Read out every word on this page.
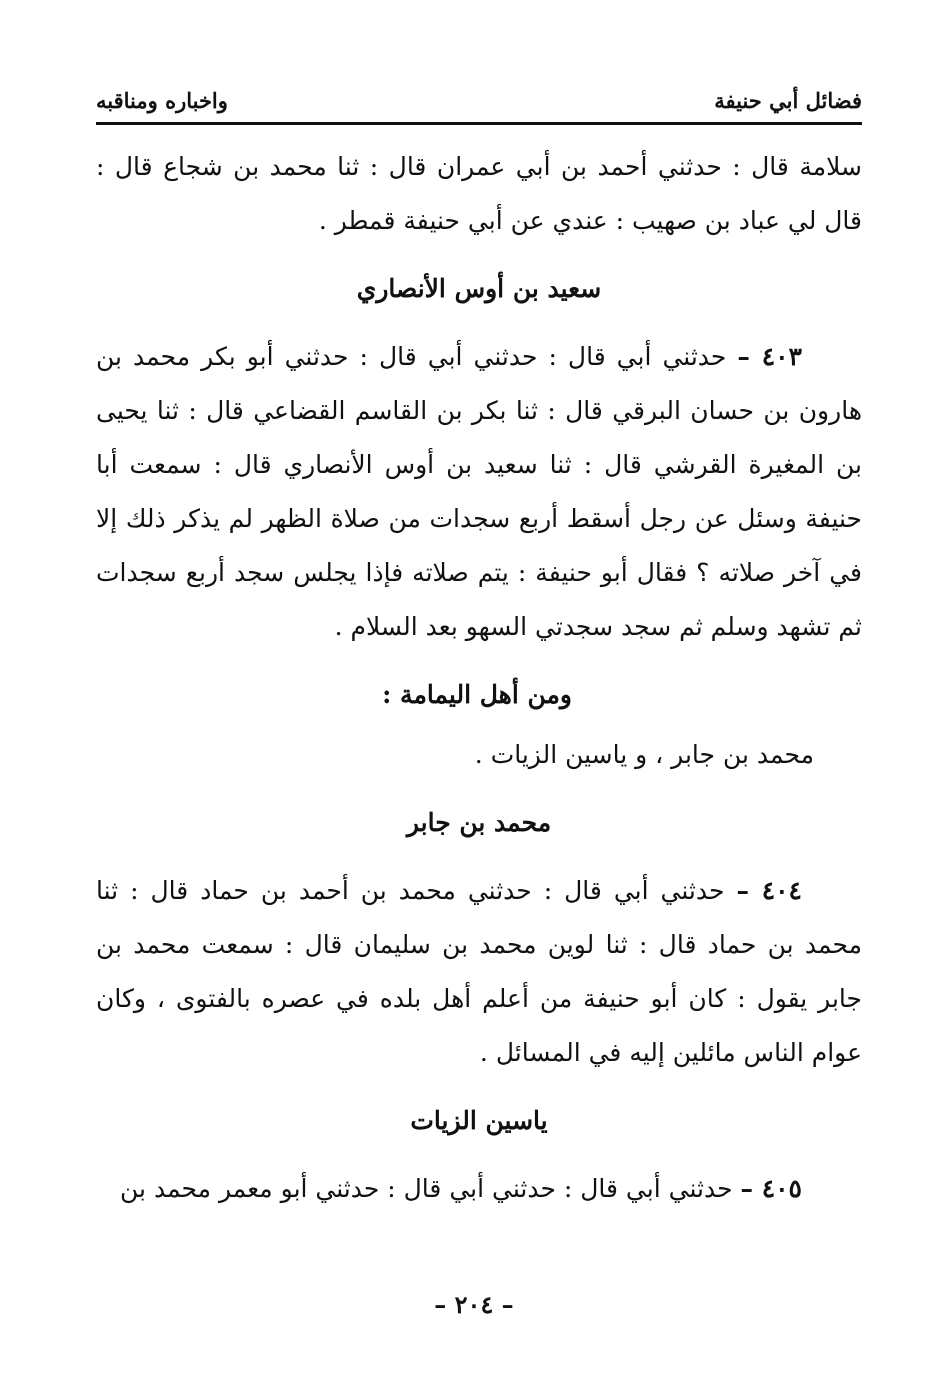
فضائل أبي حنيفة
واخباره ومناقبه

سلامة قال : حدثني أحمد بن أبي عمران قال : ثنا محمد بن شجاع قال : قال لي عباد بن صهيب : عندي عن أبي حنيفة قمطر .

سعيد بن أوس الأنصاري

٤٠٣ – حدثني أبي قال : حدثني أبي قال : حدثني أبو بكر محمد بن هارون بن حسان البرقي قال : ثنا بكر بن القاسم القضاعي قال : ثنا يحيى بن المغيرة القرشي قال : ثنا سعيد بن أوس الأنصاري قال : سمعت أبا حنيفة وسئل عن رجل أسقط أربع سجدات من صلاة الظهر لم يذكر ذلك إلا في آخر صلاته ؟ فقال أبو حنيفة : يتم صلاته فإذا يجلس سجد أربع سجدات ثم تشهد وسلم ثم سجد سجدتي السهو بعد السلام .

ومن أهل اليمامة :
محمد بن جابر ، و ياسين الزيات .
محمد بن جابر

٤٠٤ – حدثني أبي قال : حدثني محمد بن أحمد بن حماد قال : ثنا محمد بن حماد قال : ثنا لوين محمد بن سليمان قال : سمعت محمد بن جابر يقول : كان أبو حنيفة من أعلم أهل بلده في عصره بالفتوى ، وكان عوام الناس مائلين إليه في المسائل .

ياسين الزيات

٤٠٥ – حدثني أبي قال : حدثني أبي قال : حدثني أبو معمر محمد بن

– ٢٠٤ –
